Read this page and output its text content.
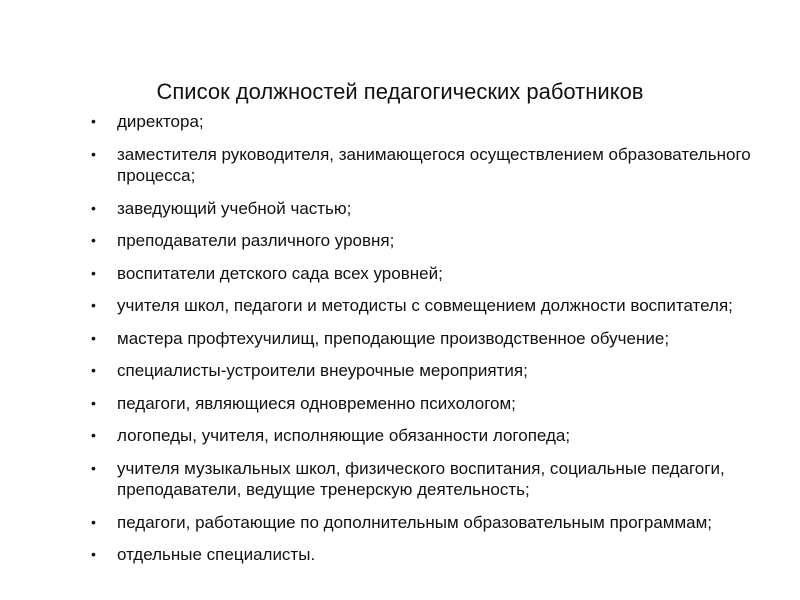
Список должностей педагогических работников
•	директора;
•	заместителя руководителя, занимающегося осуществлением образовательного процесса;
•	заведующий учебной частью;
•	преподаватели различного уровня;
•	воспитатели детского сада всех уровней;
•	учителя школ, педагоги и методисты с совмещением должности воспитателя;
•	мастера профтехучилищ, преподающие производственное обучение;
•	специалисты-устроители внеурочные мероприятия;
•	педагоги, являющиеся одновременно психологом;
•	логопеды, учителя, исполняющие обязанности логопеда;
•	учителя музыкальных школ, физического воспитания, социальные педагоги, преподаватели, ведущие тренерскую деятельность;
•	педагоги, работающие по дополнительным образовательным программам;
•	отдельные специалисты.
